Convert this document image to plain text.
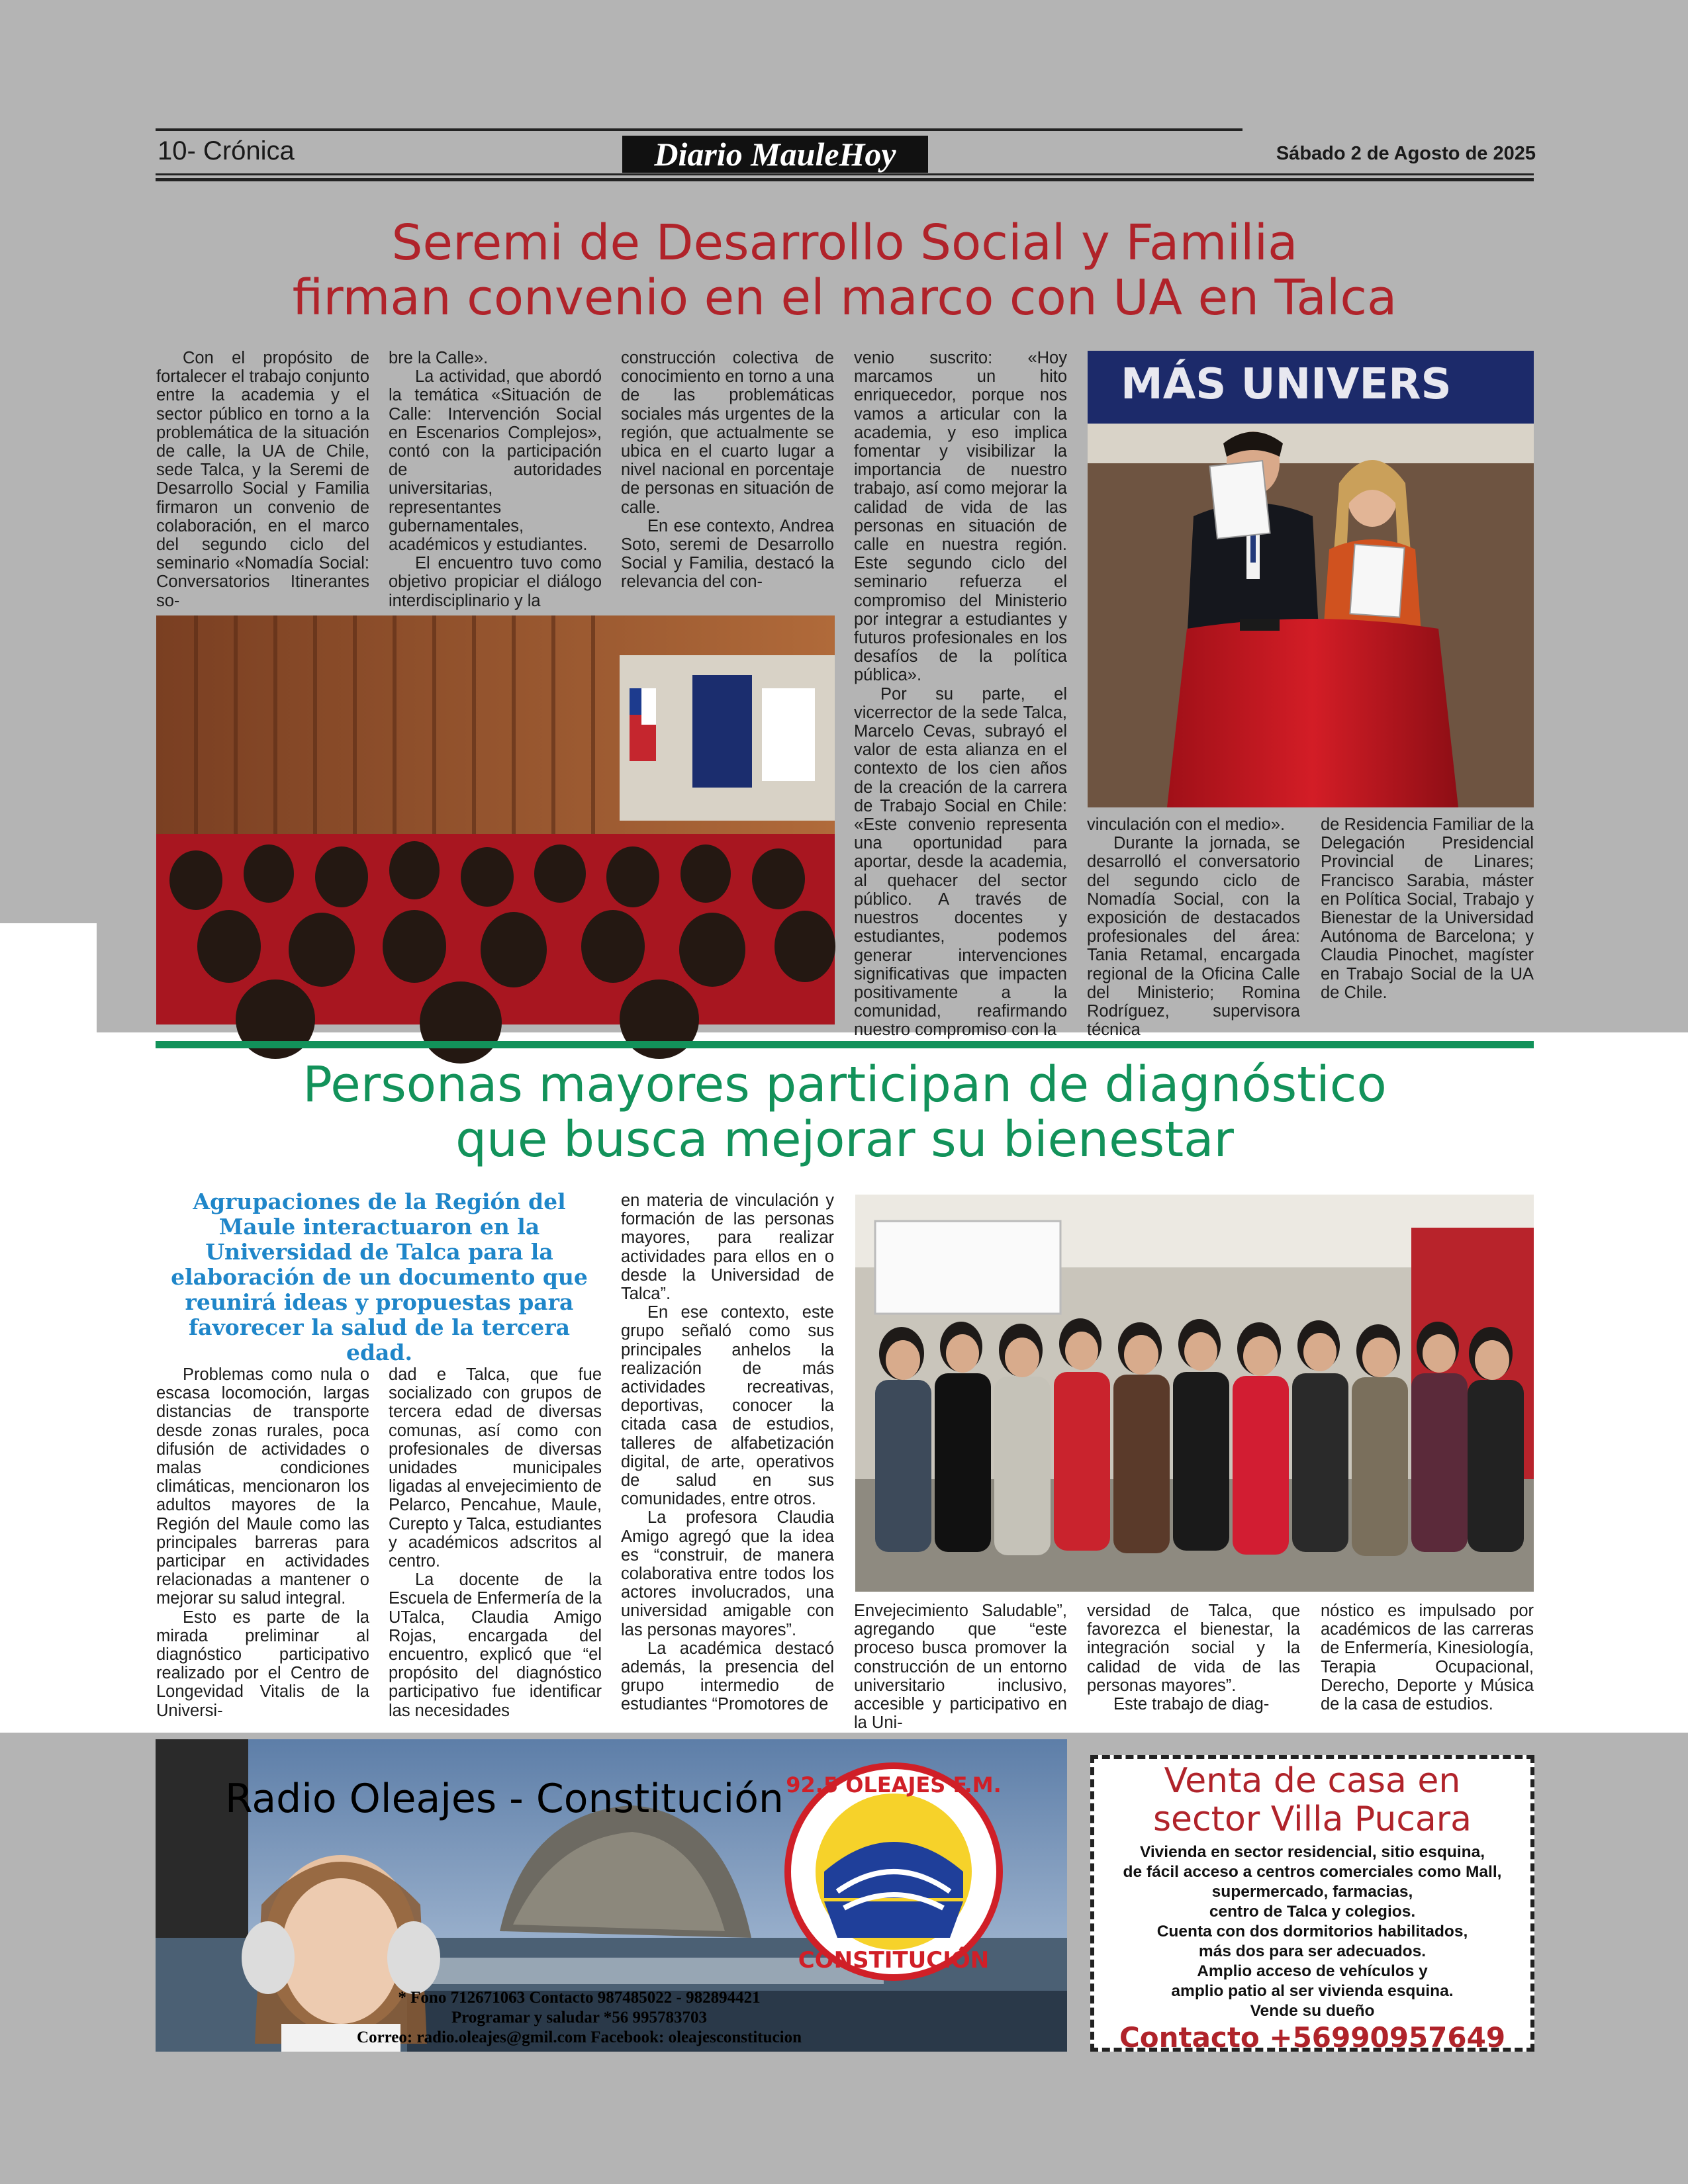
10- Crónica	Diario MauleHoy	Sábado 2 de Agosto de 2025
Seremi de Desarrollo Social y Familia
firman convenio en el marco con UA en Talca

Con el propósito de fortalecer el trabajo conjunto entre la academia y el sector público en torno a la problemática de la situación de calle, la UA de Chile, sede Talca, y la Seremi de Desarrollo Social y Familia firmaron un convenio de colaboración, en el marco del segundo ciclo del seminario «Nomadía Social: Conversatorios Itinerantes so-

bre la Calle».

La actividad, que abordó la temática «Situación de Calle: Intervención Social en Escenarios Complejos», contó con la participación de autoridades universitarias, representantes gubernamentales, académicos y estudiantes.

El encuentro tuvo como objetivo propiciar el diálogo interdisciplinario y la

construcción colectiva de conocimiento en torno a una de las problemáticas sociales más urgentes de la región, que actualmente se ubica en el cuarto lugar a nivel nacional en porcentaje de personas en situación de calle.

En ese contexto, Andrea Soto, seremi de Desarrollo Social y Familia, destacó la relevancia del con-

venio suscrito: «Hoy marcamos un hito enriquecedor, porque nos vamos a articular con la academia, y eso implica fomentar y visibilizar la importancia de nuestro trabajo, así como mejorar la calidad de vida de las personas en situación de calle en nuestra región. Este segundo ciclo del seminario refuerza el compromiso del Ministerio por integrar a estudiantes y futuros profesionales en los desafíos de la política pública».

Por su parte, el vicerrector de la sede Talca, Marcelo Cevas, subrayó el valor de esta alianza en el contexto de los cien años de la creación de la carrera de Trabajo Social en Chile: «Este convenio representa una oportunidad para aportar, desde la academia, al quehacer del sector público. A través de nuestros docentes y estudiantes, podemos generar intervenciones significativas que impacten positivamente a la comunidad, reafirmando nuestro compromiso con la

vinculación con el medio».

Durante la jornada, se desarrolló el conversatorio del segundo ciclo de Nomadía Social, con la exposición de destacados profesionales del área: Tania Retamal, encargada regional de la Oficina Calle del Ministerio; Romina Rodríguez, supervisora técnica

de Residencia Familiar de la Delegación Presidencial Provincial de Linares; Francisco Sarabia, máster en Política Social, Trabajo y Bienestar de la Universidad Autónoma de Barcelona; y Claudia Pinochet, magíster en Trabajo Social de la UA de Chile.

MÁS UNIVERS
Personas mayores participan de diagnóstico
que busca mejorar su bienestar
Agrupaciones de la Región del Maule interactuaron en la Universidad de Talca para la elaboración de un documento que reunirá ideas y propuestas para favorecer la salud de la tercera edad.

Problemas como nula o escasa locomoción, largas distancias de transporte desde zonas rurales, poca difusión de actividades o malas condiciones climáticas, mencionaron los adultos mayores de la Región del Maule como las principales barreras para participar en actividades relacionadas a mantener o mejorar su salud integral.

Esto es parte de la mirada preliminar al diagnóstico participativo realizado por el Centro de Longevidad Vitalis de la Universi-

dad e Talca, que fue socializado con grupos de tercera edad de diversas comunas, así como con profesionales de diversas unidades municipales ligadas al envejecimiento de Pelarco, Pencahue, Maule, Curepto y Talca, estudiantes y académicos adscritos al centro.

La docente de la Escuela de Enfermería de la UTalca, Claudia Amigo Rojas, encargada del encuentro, explicó que “el propósito del diagnóstico participativo fue identificar las necesidades

en materia de vinculación y formación de las personas mayores, para realizar actividades para ellos en o desde la Universidad de Talca”.

En ese contexto, este grupo señaló como sus principales anhelos la realización de más actividades recreativas, deportivas, conocer la citada casa de estudios, talleres de alfabetización digital, de arte, operativos de salud en sus comunidades, entre otros.

La profesora Claudia Amigo agregó que la idea es “construir, de manera colaborativa entre todos los actores involucrados, una universidad amigable con las personas mayores”.

La académica destacó además, la presencia del grupo intermedio de estudiantes “Promotores de

Envejecimiento Saludable”, agregando que “este proceso busca promover la construcción de un entorno universitario inclusivo, accesible y participativo en la Uni-

versidad de Talca, que favorezca el bienestar, la integración social y la calidad de vida de las personas mayores”.

Este trabajo de diag-

nóstico es impulsado por académicos de las carreras de Enfermería, Kinesiología, Terapia Ocupacional, Derecho, Deporte y Música de la casa de estudios.

Radio Oleajes - Constitución 92.5 OLEAJES F.M.
CONSTITUCIÓN
* Fono 712671063 Contacto 987485022 - 982894421
Programar y saludar *56 995783703
Correo: radio.oleajes@gmil.com Facebook: oleajesconstitucion
Venta de casa en
sector Villa Pucara
Vivienda en sector residencial, sitio esquina,
de fácil acceso a centros comerciales como Mall,
supermercado, farmacias,
centro de Talca y colegios.
Cuenta con dos dormitorios habilitados,
más dos para ser adecuados.
Amplio acceso de vehículos y
amplio patio al ser vivienda esquina.
Vende su dueño
Contacto +56990957649
